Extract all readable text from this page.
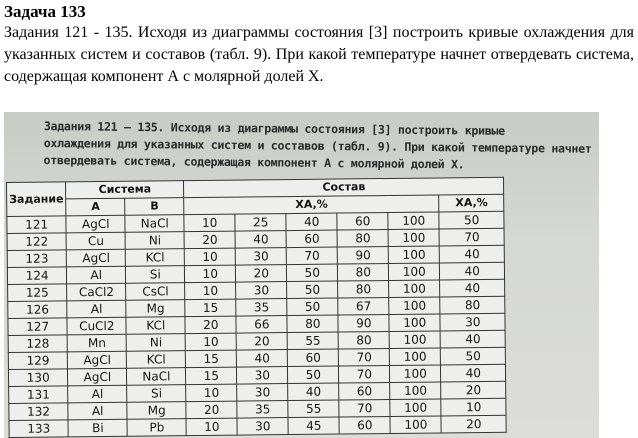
Задача 133
Задания 121 - 135. Исходя из диаграммы состояния [3] построить кривые охлаждения для указанных систем и составов (табл. 9). При какой температуре начнет отвердевать система, содержащая компонент А с молярной долей Х.
Задания 121 – 135. Исходя из диаграммы состояния [3] построить кривые
охлаждения для указанных систем и составов (табл. 9). При какой температуре начнет
отвердевать система, содержащая компонент А с молярной долей Х.
Задание	Система		Состав					
	А	В	XA,%					XA,%
121	AgCl	NaCl	10	25	40	60	100	50
122	Cu	Ni	20	40	60	80	100	70
123	AgCl	KCl	10	30	70	90	100	40
124	Al	Si	10	20	50	80	100	40
125	CaCl2	CsCl	10	30	50	80	100	40
126	Al	Mg	15	35	50	67	100	80
127	CuCl2	KCl	20	66	80	90	100	30
128	Mn	Ni	10	20	55	80	100	40
129	AgCl	KCl	15	40	60	70	100	50
130	AgCl	NaCl	15	30	50	70	100	40
131	Al	Si	10	30	40	60	100	20
132	Al	Mg	20	35	55	70	100	10
133	Bi	Pb	10	30	45	60	100	20
